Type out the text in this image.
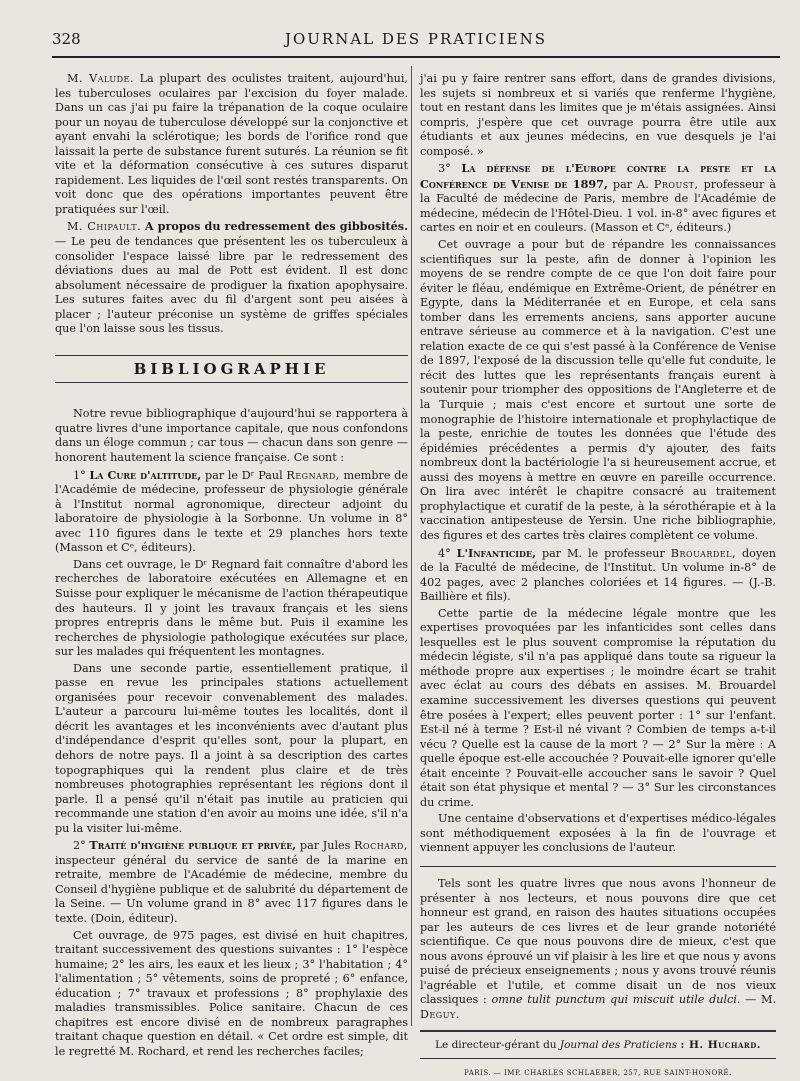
328	JOURNAL DES PRATICIENS

M. Valude. La plupart des oculistes traitent, aujourd'hui, les tuberculoses oculaires par l'excision du foyer malade. Dans un cas j'ai pu faire la trépanation de la coque oculaire pour un noyau de tuberculose développé sur la conjonctive et ayant envahi la sclérotique; les bords de l'orifice rond que laissait la perte de substance furent suturés. La réunion se fit vite et la déformation consécutive à ces sutures disparut rapidement. Les liquides de l'œil sont restés transparents. On voit donc que des opérations importantes peuvent être pratiquées sur l'œil.

M. Chipault. A propos du redressement des gibbosités. — Le peu de tendances que présentent les os tuberculeux à consolider l'espace laissé libre par le redressement des déviations dues au mal de Pott est évident. Il est donc absolument nécessaire de prodiguer la fixation apophysaire. Les sutures faites avec du fil d'argent sont peu aisées à placer ; l'auteur préconise un système de griffes spéciales que l'on laisse sous les tissus.

BIBLIOGRAPHIE

Notre revue bibliographique d'aujourd'hui se rapportera à quatre livres d'une importance capitale, que nous confondons dans un éloge commun ; car tous — chacun dans son genre — honorent hautement la science française. Ce sont :

1° La Cure d'altitude, par le Dʳ Paul Regnard, membre de l'Académie de médecine, professeur de physiologie générale à l'Institut normal agronomique, directeur adjoint du laboratoire de physiologie à la Sorbonne. Un volume in 8° avec 110 figures dans le texte et 29 planches hors texte (Masson et Cᵉ, éditeurs).

Dans cet ouvrage, le Dʳ Regnard fait connaître d'abord les recherches de laboratoire exécutées en Allemagne et en Suisse pour expliquer le mécanisme de l'action thérapeutique des hauteurs. Il y joint les travaux français et les siens propres entrepris dans le même but. Puis il examine les recherches de physiologie pathologique exécutées sur place, sur les malades qui fréquentent les montagnes.

Dans une seconde partie, essentiellement pratique, il passe en revue les principales stations actuellement organisées pour recevoir convenablement des malades. L'auteur a parcouru lui-même toutes les localités, dont il décrit les avantages et les inconvénients avec d'autant plus d'indépendance d'esprit qu'elles sont, pour la plupart, en dehors de notre pays. Il a joint à sa description des cartes topographiques qui la rendent plus claire et de très nombreuses photographies représentant les régions dont il parle. Il a pensé qu'il n'était pas inutile au praticien qui recommande une station d'en avoir au moins une idée, s'il n'a pu la visiter lui-même.

2° Traité d'hygiène publique et privée, par Jules Rochard, inspecteur général du service de santé de la marine en retraite, membre de l'Académie de médecine, membre du Conseil d'hygiène publique et de salubrité du département de la Seine. — Un volume grand in 8° avec 117 figures dans le texte. (Doin, éditeur).

Cet ouvrage, de 975 pages, est divisé en huit chapitres, traitant successivement des questions suivantes : 1° l'espèce humaine; 2° les airs, les eaux et les lieux ; 3° l'habitation ; 4° l'alimentation ; 5° vêtements, soins de propreté ; 6° enfance, éducation ; 7° travaux et professions ; 8° prophylaxie des maladies transmissibles. Police sanitaire. Chacun de ces chapitres est encore divisé en de nombreux paragraphes traitant chaque question en détail. « Cet ordre est simple, dit le regretté M. Rochard, et rend les recherches faciles;

j'ai pu y faire rentrer sans effort, dans de grandes divisions, les sujets si nombreux et si variés que renferme l'hygiène, tout en restant dans les limites que je m'étais assignées. Ainsi compris, j'espère que cet ouvrage pourra être utile aux étudiants et aux jeunes médecins, en vue desquels je l'ai composé. »

3° La défense de l'Europe contre la peste et la Conférence de Venise de 1897, par A. Proust, professeur à la Faculté de médecine de Paris, membre de l'Académie de médecine, médecin de l'Hôtel-Dieu. 1 vol. in-8° avec figures et cartes en noir et en couleurs. (Masson et Cᵉ, éditeurs.)

Cet ouvrage a pour but de répandre les connaissances scientifiques sur la peste, afin de donner à l'opinion les moyens de se rendre compte de ce que l'on doit faire pour éviter le fléau, endémique en Extrême-Orient, de pénétrer en Egypte, dans la Méditerranée et en Europe, et cela sans tomber dans les errements anciens, sans apporter aucune entrave sérieuse au commerce et à la navigation. C'est une relation exacte de ce qui s'est passé à la Conférence de Venise de 1897, l'exposé de la discussion telle qu'elle fut conduite, le récit des luttes que les représentants français eurent à soutenir pour triompher des oppositions de l'Angleterre et de la Turquie ; mais c'est encore et surtout une sorte de monographie de l'histoire internationale et prophylactique de la peste, enrichie de toutes les données que l'étude des épidémies précédentes a permis d'y ajouter, des faits nombreux dont la bactériologie l'a si heureusement accrue, et aussi des moyens à mettre en œuvre en pareille occurrence. On lira avec intérêt le chapitre consacré au traitement prophylactique et curatif de la peste, à la sérothérapie et à la vaccination antipesteuse de Yersin. Une riche bibliographie, des figures et des cartes très claires complètent ce volume.

4° L'Infanticide, par M. le professeur Brouardel, doyen de la Faculté de médecine, de l'Institut. Un volume in-8° de 402 pages, avec 2 planches coloriées et 14 figures. — (J.-B. Baillière et fils).

Cette partie de la médecine légale montre que les expertises provoquées par les infanticides sont celles dans lesquelles est le plus souvent compromise la réputation du médecin légiste, s'il n'a pas appliqué dans toute sa rigueur la méthode propre aux expertises ; le moindre écart se trahit avec éclat au cours des débats en assises. M. Brouardel examine successivement les diverses questions qui peuvent être posées à l'expert; elles peuvent porter : 1° sur l'enfant. Est-il né à terme ? Est-il né vivant ? Combien de temps a-t-il vécu ? Quelle est la cause de la mort ? — 2° Sur la mère : A quelle époque est-elle accouchée ? Pouvait-elle ignorer qu'elle était enceinte ? Pouvait-elle accoucher sans le savoir ? Quel était son état physique et mental ? — 3° Sur les circonstances du crime.

Une centaine d'observations et d'expertises médico-légales sont méthodiquement exposées à la fin de l'ouvrage et viennent appuyer les conclusions de l'auteur.

Tels sont les quatre livres que nous avons l'honneur de présenter à nos lecteurs, et nous pouvons dire que cet honneur est grand, en raison des hautes situations occupées par les auteurs de ces livres et de leur grande notoriété scientifique. Ce que nous pouvons dire de mieux, c'est que nous avons éprouvé un vif plaisir à les lire et que nous y avons puisé de précieux enseignements ; nous y avons trouvé réunis l'agréable et l'utile, et comme disait un de nos vieux classiques : omne tulit punctum qui miscuit utile dulci. — M. Deguy.

Le directeur-gérant du Journal des Praticiens : H. Huchard.
PARIS. — IMP. CHARLES SCHLAEBER, 257, RUE SAINT-HONORÉ.
